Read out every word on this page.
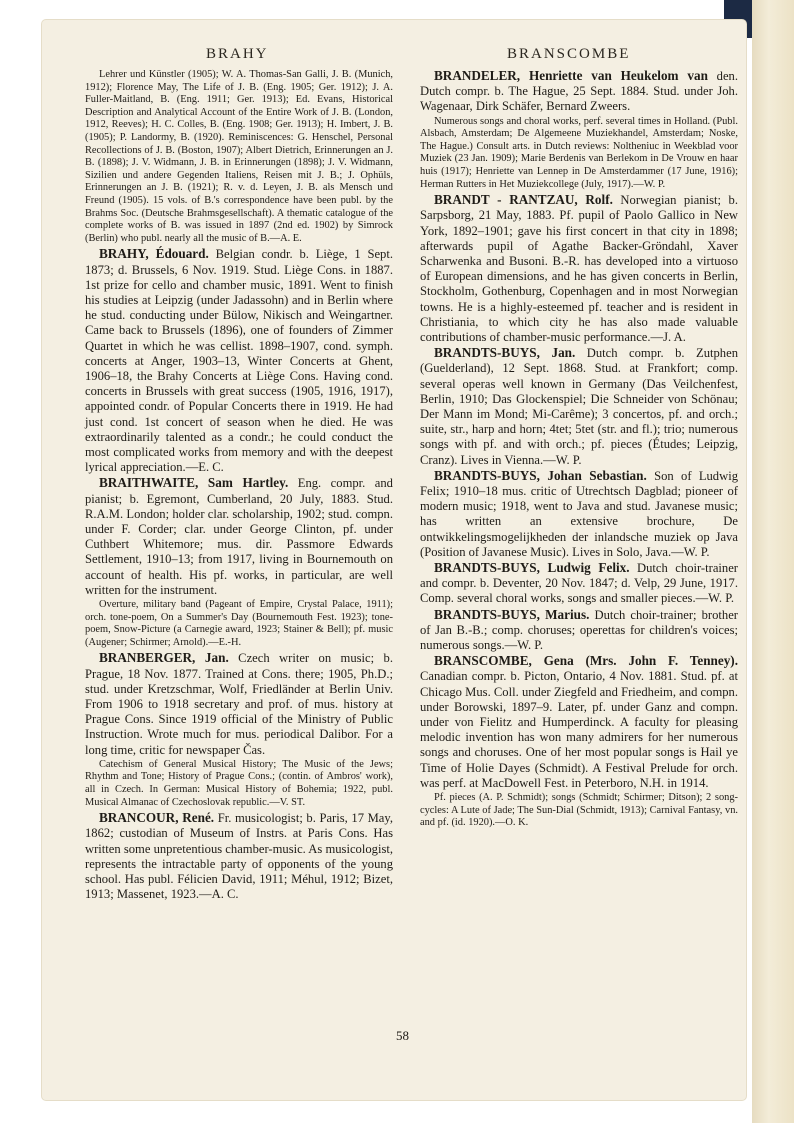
BRAHY	BRANSCOMBE

Lehrer und Künstler (1905); W. A. Thomas-San Galli, J. B. (Munich, 1912); Florence May, The Life of J. B. (Eng. 1905; Ger. 1912); J. A. Fuller-Maitland, B. (Eng. 1911; Ger. 1913); Ed. Evans, Historical Description and Analytical Account of the Entire Work of J. B. (London, 1912, Reeves); H. C. Colles, B. (Eng. 1908; Ger. 1913); H. Imbert, J. B. (1905); P. Landormy, B. (1920). Reminiscences: G. Henschel, Personal Recollections of J. B. (Boston, 1907); Albert Dietrich, Erinnerungen an J. B. (1898); J. V. Widmann, J. B. in Erinnerungen (1898); J. V. Widmann, Sizilien und andere Gegenden Italiens, Reisen mit J. B.; J. Ophüls, Erinnerungen an J. B. (1921); R. v. d. Leyen, J. B. als Mensch und Freund (1905). 15 vols. of B.'s correspondence have been publ. by the Brahms Soc. (Deutsche Brahmsgesellschaft). A thematic catalogue of the complete works of B. was issued in 1897 (2nd ed. 1902) by Simrock (Berlin) who publ. nearly all the music of B.—A. E.

BRAHY, Édouard. Belgian condr. b. Liège, 1 Sept. 1873; d. Brussels, 6 Nov. 1919. Stud. Liège Cons. in 1887. 1st prize for cello and chamber music, 1891. Went to finish his studies at Leipzig (under Jadassohn) and in Berlin where he stud. conducting under Bülow, Nikisch and Weingartner. Came back to Brussels (1896), one of founders of Zimmer Quartet in which he was cellist. 1898–1907, cond. symph. concerts at Anger, 1903–13, Winter Concerts at Ghent, 1906–18, the Brahy Concerts at Liège Cons. Having cond. concerts in Brussels with great success (1905, 1916, 1917), appointed condr. of Popular Concerts there in 1919. He had just cond. 1st concert of season when he died. He was extraordinarily talented as a condr.; he could conduct the most complicated works from memory and with the deepest lyrical appreciation.—E. C.

BRAITHWAITE, Sam Hartley. Eng. compr. and pianist; b. Egremont, Cumberland, 20 July, 1883. Stud. R.A.M. London; holder clar. scholarship, 1902; stud. compn. under F. Corder; clar. under George Clinton, pf. under Cuthbert Whitemore; mus. dir. Passmore Edwards Settlement, 1910–13; from 1917, living in Bournemouth on account of health. His pf. works, in particular, are well written for the instrument.

Overture, military band (Pageant of Empire, Crystal Palace, 1911); orch. tone-poem, On a Summer's Day (Bournemouth Fest. 1923); tone-poem, Snow-Picture (a Carnegie award, 1923; Stainer & Bell); pf. music (Augener; Schirmer; Arnold).—E.-H.

BRANBERGER, Jan. Czech writer on music; b. Prague, 18 Nov. 1877. Trained at Cons. there; 1905, Ph.D.; stud. under Kretzschmar, Wolf, Friedländer at Berlin Univ. From 1906 to 1918 secretary and prof. of mus. history at Prague Cons. Since 1919 official of the Ministry of Public Instruction. Wrote much for mus. periodical Dalibor. For a long time, critic for newspaper Čas.

Catechism of General Musical History; The Music of the Jews; Rhythm and Tone; History of Prague Cons.; (contin. of Ambros' work), all in Czech. In German: Musical History of Bohemia; 1922, publ. Musical Almanac of Czechoslovak republic.—V. ST.

BRANCOUR, René. Fr. musicologist; b. Paris, 17 May, 1862; custodian of Museum of Instrs. at Paris Cons. Has written some unpretentious chamber-music. As musicologist, represents the intractable party of opponents of the young school. Has publ. Félicien David, 1911; Méhul, 1912; Bizet, 1913; Massenet, 1923.—A. C.

BRANDELER, Henriette van Heukelom van den. Dutch compr. b. The Hague, 25 Sept. 1884. Stud. under Joh. Wagenaar, Dirk Schäfer, Bernard Zweers.

Numerous songs and choral works, perf. several times in Holland. (Publ. Alsbach, Amsterdam; De Algemeene Muziekhandel, Amsterdam; Noske, The Hague.) Consult arts. in Dutch reviews: Noltheniuс in Weekblad voor Muziek (23 Jan. 1909); Marie Berdenis van Berlekom in De Vrouw en haar huis (1917); Henriette van Lennep in De Amsterdammer (17 June, 1916); Herman Rutters in Het Muziekcollege (July, 1917).—W. P.

BRANDT - RANTZAU, Rolf. Norwegian pianist; b. Sarpsborg, 21 May, 1883. Pf. pupil of Paolo Gallico in New York, 1892–1901; gave his first concert in that city in 1898; afterwards pupil of Agathe Backer-Gröndahl, Xaver Scharwenka and Busoni. B.-R. has developed into a virtuoso of European dimensions, and he has given concerts in Berlin, Stockholm, Gothenburg, Copenhagen and in most Norwegian towns. He is a highly-esteemed pf. teacher and is resident in Christiania, to which city he has also made valuable contributions of chamber-music performance.—J. A.

BRANDTS-BUYS, Jan. Dutch compr. b. Zutphen (Guelderland), 12 Sept. 1868. Stud. at Frankfort; comp. several operas well known in Germany (Das Veilchenfest, Berlin, 1910; Das Glockenspiel; Die Schneider von Schönau; Der Mann im Mond; Mi-Carême); 3 concertos, pf. and orch.; suite, str., harp and horn; 4tet; 5tet (str. and fl.); trio; numerous songs with pf. and with orch.; pf. pieces (Études; Leipzig, Cranz). Lives in Vienna.—W. P.

BRANDTS-BUYS, Johan Sebastian. Son of Ludwig Felix; 1910–18 mus. critic of Utrechtsch Dagblad; pioneer of modern music; 1918, went to Java and stud. Javanese music; has written an extensive brochure, De ontwikkelingsmogelijkheden der inlandsche muziek op Java (Position of Javanese Music). Lives in Solo, Java.—W. P.

BRANDTS-BUYS, Ludwig Felix. Dutch choir-trainer and compr. b. Deventer, 20 Nov. 1847; d. Velp, 29 June, 1917. Comp. several choral works, songs and smaller pieces.—W. P.

BRANDTS-BUYS, Marius. Dutch choir-trainer; brother of Jan B.-B.; comp. choruses; operettas for children's voices; numerous songs.—W. P.

BRANSCOMBE, Gena (Mrs. John F. Tenney). Canadian compr. b. Picton, Ontario, 4 Nov. 1881. Stud. pf. at Chicago Mus. Coll. under Ziegfeld and Friedheim, and compn. under Borowski, 1897–9. Later, pf. under Ganz and compn. under von Fielitz and Humperdinck. A faculty for pleasing melodic invention has won many admirers for her numerous songs and choruses. One of her most popular songs is Hail ye Time of Holie Dayes (Schmidt). A Festival Prelude for orch. was perf. at MacDowell Fest. in Peterboro, N.H. in 1914.

Pf. pieces (A. P. Schmidt); songs (Schmidt; Schirmer; Ditson); 2 song-cycles: A Lute of Jade; The Sun-Dial (Schmidt, 1913); Carnival Fantasy, vn. and pf. (id. 1920).—O. K.

58
